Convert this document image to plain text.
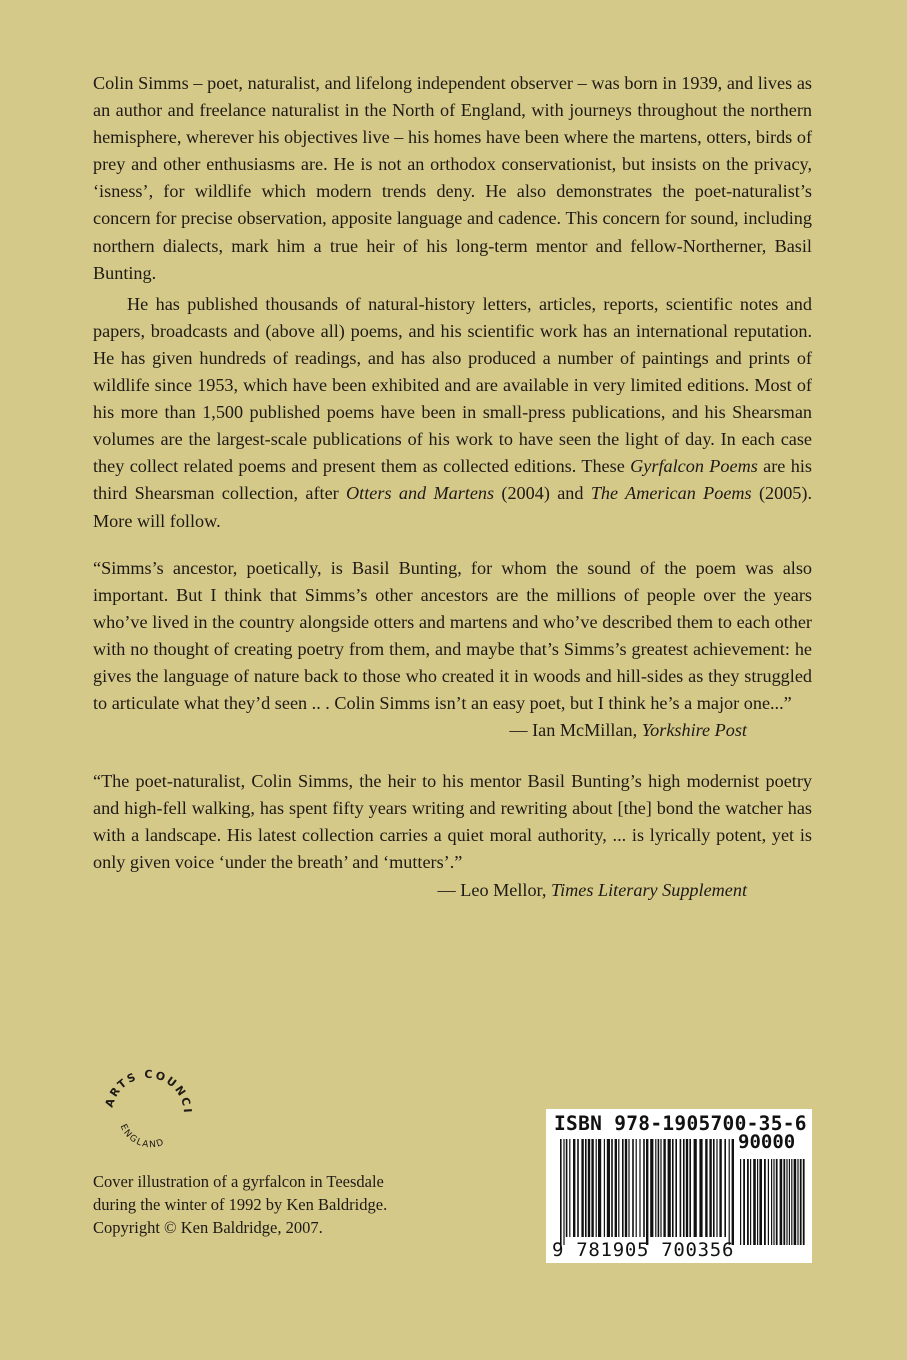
Colin Simms – poet, naturalist, and lifelong independent observer – was born in 1939, and lives as an author and freelance naturalist in the North of England, with journeys throughout the northern hemisphere, wherever his objectives live – his homes have been where the martens, otters, birds of prey and other enthusiasms are. He is not an orthodox conservationist, but insists on the privacy, ‘isness’, for wildlife which modern trends deny. He also demonstrates the poet-naturalist’s concern for precise observation, apposite language and cadence. This concern for sound, including northern dialects, mark him a true heir of his long-term mentor and fellow-Northerner, Basil Bunting.

He has published thousands of natural-history letters, articles, reports, scientific notes and papers, broadcasts and (above all) poems, and his scientific work has an international reputation. He has given hundreds of readings, and has also produced a number of paintings and prints of wildlife since 1953, which have been exhibited and are available in very limited editions. Most of his more than 1,500 published poems have been in small-press publications, and his Shearsman volumes are the largest-scale publications of his work to have seen the light of day. In each case they collect related poems and present them as collected editions. These Gyrfalcon Poems are his third Shearsman collection, after Otters and Martens (2004) and The American Poems (2005). More will follow.

“Simms’s ancestor, poetically, is Basil Bunting, for whom the sound of the poem was also important. But I think that Simms’s other ancestors are the millions of people over the years who’ve lived in the country alongside otters and martens and who’ve described them to each other with no thought of creating poetry from them, and maybe that’s Simms’s greatest achievement: he gives the language of nature back to those who created it in woods and hill-sides as they struggled to articulate what they’d seen .. . Colin Simms isn’t an easy poet, but I think he’s a major one...”

— Ian McMillan, Yorkshire Post

“The poet-naturalist, Colin Simms, the heir to his mentor Basil Bunting’s high modernist poetry and high-fell walking, has spent fifty years writing and rewriting about [the] bond the watcher has with a landscape. His latest collection carries a quiet moral authority, ... is lyrically potent, yet is only given voice ‘under the breath’ and ‘mutters’.”

— Leo Mellor, Times Literary Supplement
ARTS COUNCI
ENGLAND
Cover illustration of a gyrfalcon in Teesdale
during the winter of 1992 by Ken Baldridge.
Copyright © Ken Baldridge, 2007.
ISBN 978-1905700-35-6
90000
9 781905 700356
